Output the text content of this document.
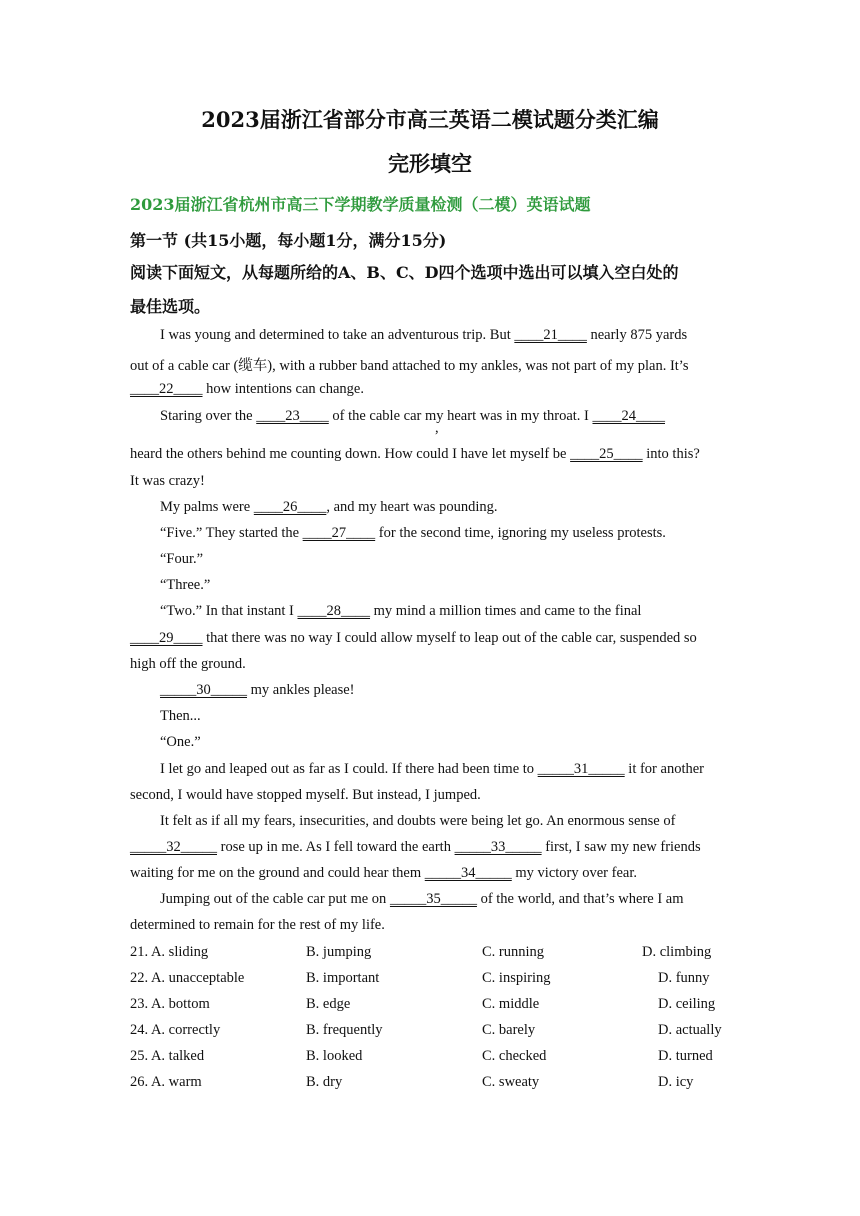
2023届浙江省部分市高三英语二模试题分类汇编
完形填空
2023届浙江省杭州市高三下学期教学质量检测（二模）英语试题
第一节 (共15小题，每小题1分，满分15分)
阅读下面短文，从每题所给的A、B、C、D四个选项中选出可以填入空白处的
最佳选项。
I was young and determined to take an adventurous trip. But ____21____ nearly 875 yards
out of a cable car (缆车), with a rubber band attached to my ankles, was not part of my plan. It’s
____22____ how intentions can change.
Staring over the ____23____ of the cable car my heart was in my throat. I ____24____
,
heard the others behind me counting down. How could I have let myself be ____25____ into this?
It was crazy!
My palms were ____26____, and my heart was pounding.
“Five.” They started the ____27____ for the second time, ignoring my useless protests.
“Four.”
“Three.”
“Two.” In that instant I ____28____ my mind a million times and came to the final
____29____ that there was no way I could allow myself to leap out of the cable car, suspended so
high off the ground.
_____30_____ my ankles please!
Then...
“One.”
I let go and leaped out as far as I could. If there had been time to _____31_____ it for another
second, I would have stopped myself. But instead, I jumped.
It felt as if all my fears, insecurities, and doubts were being let go. An enormous sense of
_____32_____ rose up in me. As I fell toward the earth _____33_____ first, I saw my new friends
waiting for me on the ground and could hear them _____34_____ my victory over fear.
Jumping out of the cable car put me on _____35_____ of the world, and that’s where I am
determined to remain for the rest of my life.
21. A. sliding	B. jumping	C. running	D. climbing
22. A. unacceptable	B. important	C. inspiring	D. funny
23. A. bottom	B. edge	C. middle	D. ceiling
24. A. correctly	B. frequently	C. barely	D. actually
25. A. talked	B. looked	C. checked	D. turned
26. A. warm	B. dry	C. sweaty	D. icy
